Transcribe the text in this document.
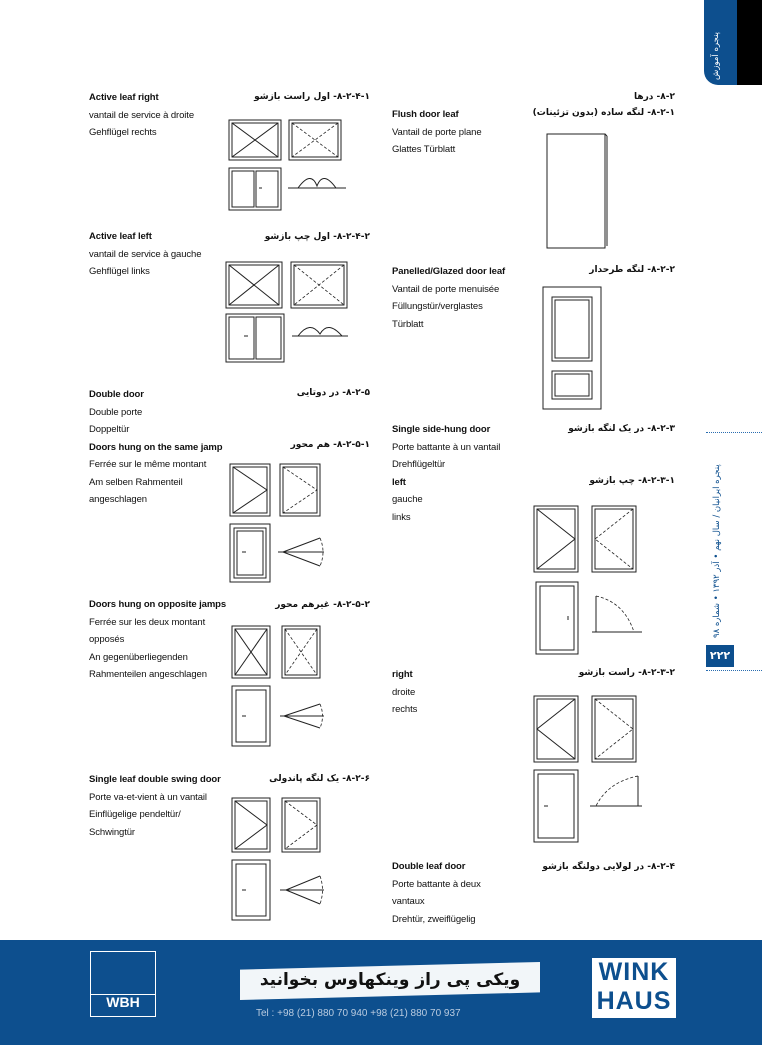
پنجره آموزش
پنجره ایرانیان / سال نهم • آذر ۱۳۹۲ • شماره ۹۸
۲۲۲
۸-۲-۴-۱- اول راست بازشو
Active leaf right
vantail de service à droite
Gehflügel rechts
۸-۲-۴-۲- اول چپ بازشو
Active leaf left
vantail de service à gauche
Gehflügel links
۸-۲-۵- در دوتایی
۸-۲-۵-۱- هم محور
Double door
Double porte
Doppeltür
Doors hung on the same jamp
Ferrée sur le même montant
Am selben Rahmenteil
angeschlagen
۸-۲-۵-۲- غیرهم محور
Doors hung on opposite jamps
Ferrée sur les deux montant
opposés
An gegenüberliegenden
Rahmenteilen angeschlagen
۸-۲-۶- یک لنگه پاندولی
Single leaf double swing door
Porte va-et-vient à un vantail
Einflügelige pendeltür/
Schwingtür
۸-۲- درها
۸-۲-۱- لنگه ساده (بدون تزئینات)
Flush door leaf
Vantail de porte plane
Glattes Türblatt
۸-۲-۲- لنگه طرحدار
Panelled/Glazed door leaf
Vantail de porte menuisée
Füllungstür/verglastes
Türblatt
۸-۲-۳- در یک لنگه بازشو
۸-۲-۳-۱- چپ بازشو
Single side-hung door
Porte battante à un vantail
Drehflügeltür
left
gauche
links
۸-۲-۳-۲- راست بازشو
right
droite
rechts
۸-۲-۴- در لولایی دولنگه بازشو
Double leaf door
Porte battante à deux
vantaux
Drehtür, zweiflügelig
WBH
ویکی پی راز وینکهاوس بخوانید
Tel : +98 (21) 880 70 940 +98 (21) 880 70 937
WINK
HAUS
